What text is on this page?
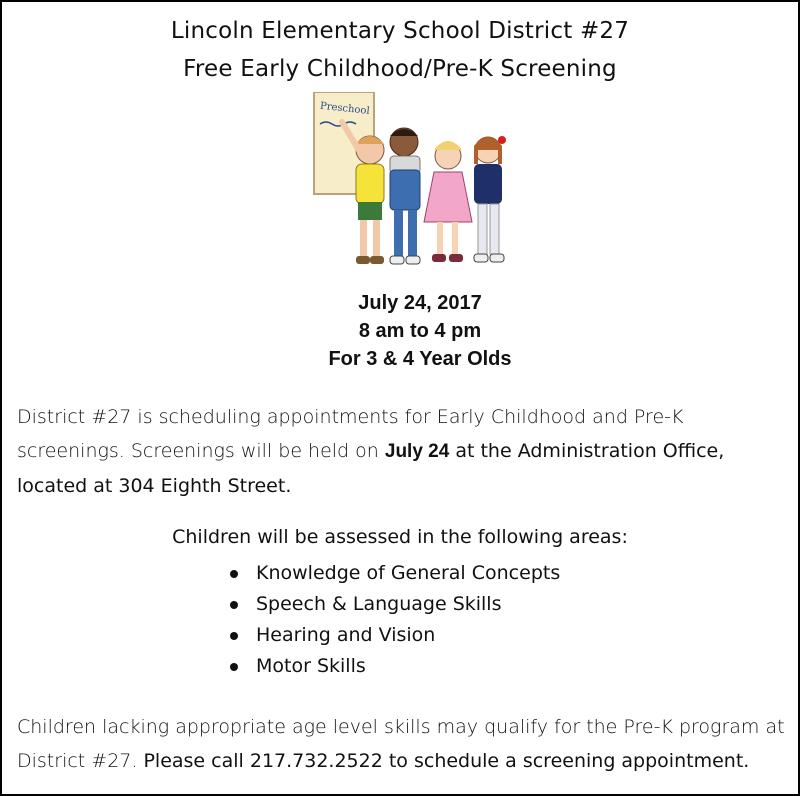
Lincoln Elementary School District #27
Free Early Childhood/Pre-K Screening
Preschool
July 24, 2017
8 am to 4 pm
For 3 & 4 Year Olds
District #27 is scheduling appointments for Early Childhood and Pre-K screenings. Screenings will be held on July 24 at the Administration Office, located at 304 Eighth Street.
Children will be assessed in the following areas:
Knowledge of General Concepts
Speech & Language Skills
Hearing and Vision
Motor Skills
Children lacking appropriate age level skills may qualify for the Pre-K program at District #27. Please call 217.732.2522 to schedule a screening appointment.
